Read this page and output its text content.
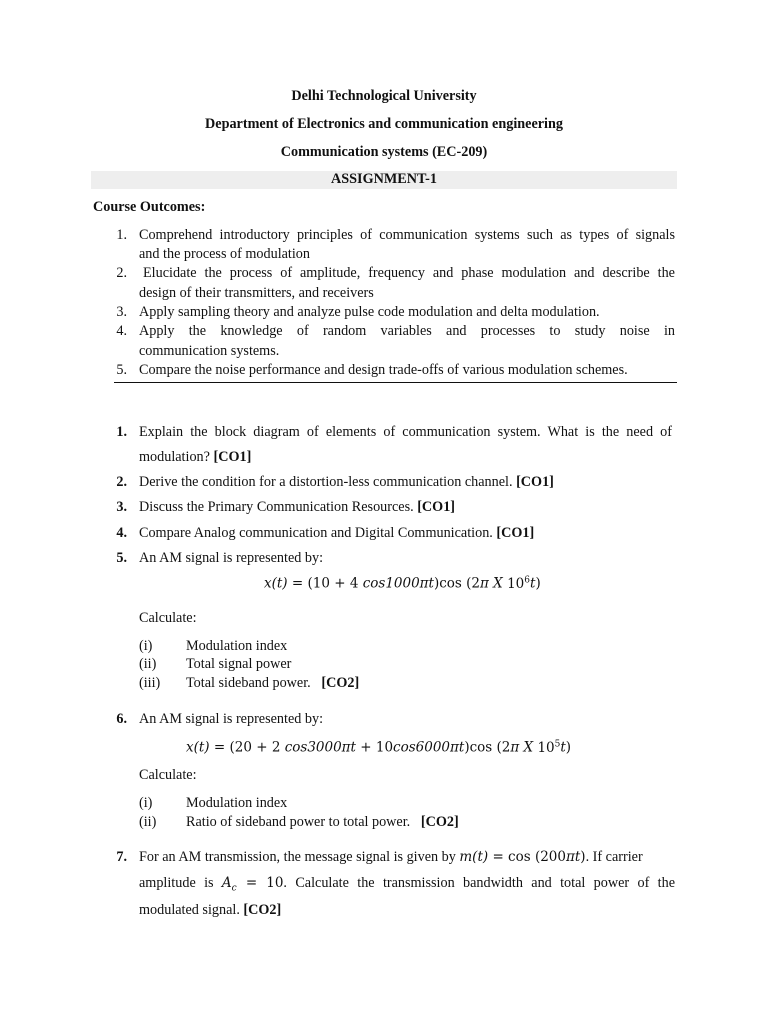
Delhi Technological University
Department of Electronics and communication engineering
Communication systems (EC-209)
ASSIGNMENT-1
Course Outcomes:
1. Comprehend introductory principles of communication systems such as types of signals
and the process of modulation
2. Elucidate the process of amplitude, frequency and phase modulation and describe the
design of their transmitters, and receivers
3. Apply sampling theory and analyze pulse code modulation and delta modulation.
4. Apply the knowledge of random variables and processes to study noise in
communication systems.
5. Compare the noise performance and design trade-offs of various modulation schemes.
1. Explain the block diagram of elements of communication system. What is the need of
modulation? [CO1]
2. Derive the condition for a distortion-less communication channel. [CO1]
3. Discuss the Primary Communication Resources. [CO1]
4. Compare Analog communication and Digital Communication. [CO1]
5. An AM signal is represented by:
x(t) = (10 + 4 cos1000πt)cos (2π X $10^6t$)
Calculate:
(i) Modulation index
(ii) Total signal power
(iii) Total sideband power. [CO2]
6. An AM signal is represented by:
x(t) = (20 + 2 cos3000πt + 10cos6000πt)cos (2π X $10^5t$)
Calculate:
(i) Modulation index
(ii) Ratio of sideband power to total power. [CO2]
7. For an AM transmission, the message signal is given by m(t) = cos (200πt). If carrier
amplitude is $A_c = 10$. Calculate the transmission bandwidth and total power of the
modulated signal. [CO2]
